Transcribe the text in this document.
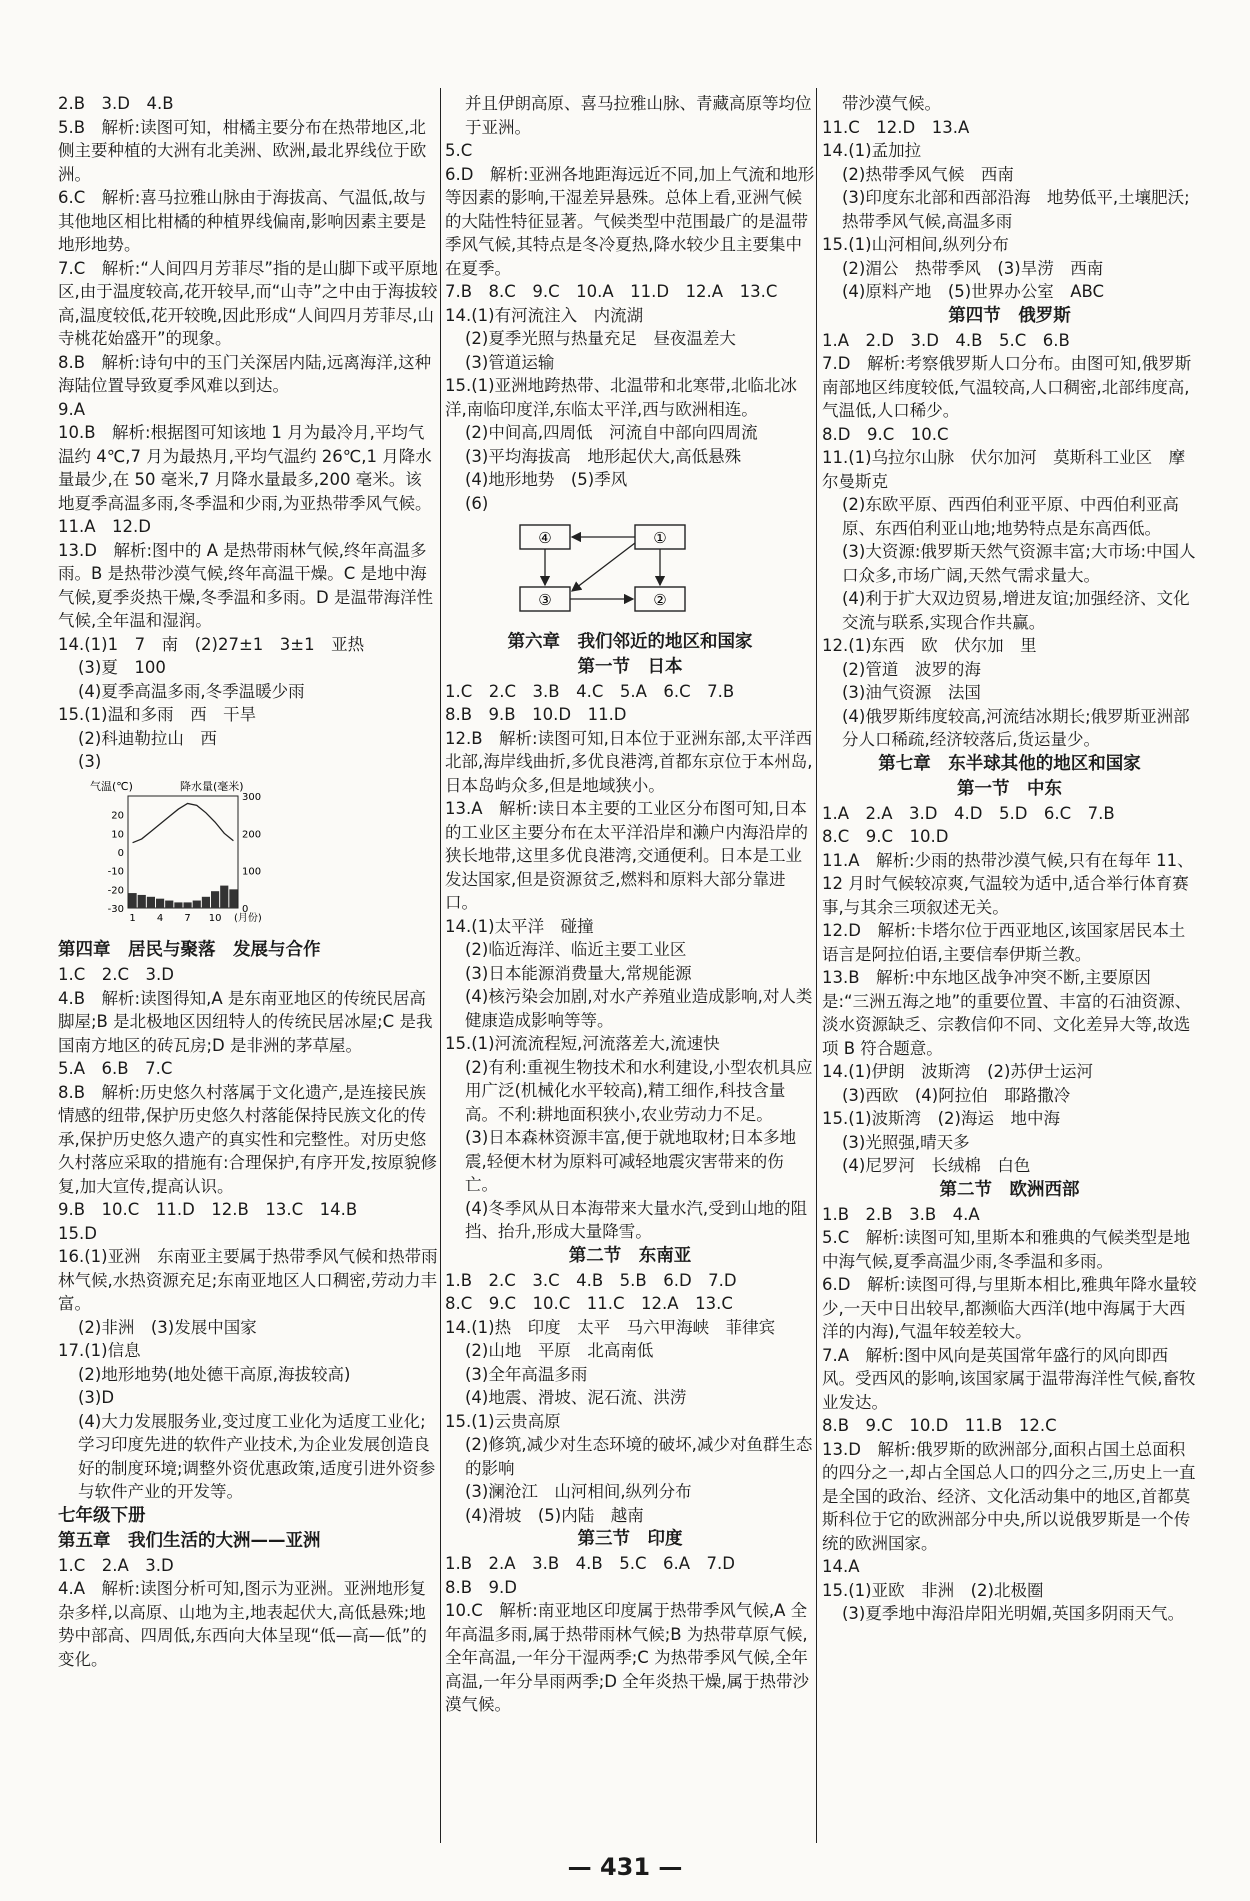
2.B　3.D　4.B

5.B　解析:读图可知，柑橘主要分布在热带地区,北侧主要种植的大洲有北美洲、欧洲,最北界线位于欧洲。

6.C　解析:喜马拉雅山脉由于海拔高、气温低,故与其他地区相比柑橘的种植界线偏南,影响因素主要是地形地势。

7.C　解析:“人间四月芳菲尽”指的是山脚下或平原地区,由于温度较高,花开较早,而“山寺”之中由于海拔较高,温度较低,花开较晚,因此形成“人间四月芳菲尽,山寺桃花始盛开”的现象。

8.B　解析:诗句中的玉门关深居内陆,远离海洋,这种海陆位置导致夏季风难以到达。

9.A

10.B　解析:根据图可知该地 1 月为最冷月,平均气温约 4℃,7 月为最热月,平均气温约 26℃,1 月降水量最少,在 50 毫米,7 月降水量最多,200 毫米。该地夏季高温多雨,冬季温和少雨,为亚热带季风气候。

11.A　12.D

13.D　解析:图中的 A 是热带雨林气候,终年高温多雨。B 是热带沙漠气候,终年高温干燥。C 是地中海气候,夏季炎热干燥,冬季温和多雨。D 是温带海洋性气候,全年温和湿润。

14.(1)1　7　南　(2)27±1　3±1　亚热

(3)夏　100

(4)夏季高温多雨,冬季温暖少雨

15.(1)温和多雨　西　干旱

(2)科迪勒拉山　西

(3)

气温(℃)	降水量(毫米)
20
10
0
-10
-20
-30
300
200
100
0
1 4 7 10 (月份)
第四章　居民与聚落　发展与合作

1.C　2.C　3.D

4.B　解析:读图得知,A 是东南亚地区的传统民居高脚屋;B 是北极地区因纽特人的传统民居冰屋;C 是我国南方地区的砖瓦房;D 是非洲的茅草屋。

5.A　6.B　7.C

8.B　解析:历史悠久村落属于文化遗产,是连接民族情感的纽带,保护历史悠久村落能保持民族文化的传承,保护历史悠久遗产的真实性和完整性。对历史悠久村落应采取的措施有:合理保护,有序开发,按原貌修复,加大宣传,提高认识。

9.B　10.C　11.D　12.B　13.C　14.B

15.D

16.(1)亚洲　东南亚主要属于热带季风气候和热带雨林气候,水热资源充足;东南亚地区人口稠密,劳动力丰富。

(2)非洲　(3)发展中国家

17.(1)信息

(2)地形地势(地处德干高原,海拔较高)

(3)D

(4)大力发展服务业,变过度工业化为适度工业化;学习印度先进的软件产业技术,为企业发展创造良好的制度环境;调整外资优惠政策,适度引进外资参与软件产业的开发等。

七年级下册
第五章　我们生活的大洲——亚洲

1.C　2.A　3.D

4.A　解析:读图分析可知,图示为亚洲。亚洲地形复杂多样,以高原、山地为主,地表起伏大,高低悬殊;地势中部高、四周低,东西向大体呈现“低—高—低”的变化。

并且伊朗高原、喜马拉雅山脉、青藏高原等均位于亚洲。

5.C

6.D　解析:亚洲各地距海远近不同,加上气流和地形等因素的影响,干湿差异悬殊。总体上看,亚洲气候的大陆性特征显著。气候类型中范围最广的是温带季风气候,其特点是冬冷夏热,降水较少且主要集中在夏季。

7.B　8.C　9.C　10.A　11.D　12.A　13.C

14.(1)有河流注入　内流湖

(2)夏季光照与热量充足　昼夜温差大

(3)管道运输

15.(1)亚洲地跨热带、北温带和北寒带,北临北冰洋,南临印度洋,东临太平洋,西与欧洲相连。

(2)中间高,四周低　河流自中部向四周流

(3)平均海拔高　地形起伏大,高低悬殊

(4)地形地势　(5)季风

(6)

④	①
③	②
第六章　我们邻近的地区和国家
第一节　日本

1.C　2.C　3.B　4.C　5.A　6.C　7.B

8.B　9.B　10.D　11.D

12.B　解析:读图可知,日本位于亚洲东部,太平洋西北部,海岸线曲折,多优良港湾,首都东京位于本州岛,日本岛屿众多,但是地域狭小。

13.A　解析:读日本主要的工业区分布图可知,日本的工业区主要分布在太平洋沿岸和濑户内海沿岸的狭长地带,这里多优良港湾,交通便利。日本是工业发达国家,但是资源贫乏,燃料和原料大部分靠进口。

14.(1)太平洋　碰撞

(2)临近海洋、临近主要工业区

(3)日本能源消费量大,常规能源

(4)核污染会加剧,对水产养殖业造成影响,对人类健康造成影响等等。

15.(1)河流流程短,河流落差大,流速快

(2)有利:重视生物技术和水利建设,小型农机具应用广泛(机械化水平较高),精工细作,科技含量高。不利:耕地面积狭小,农业劳动力不足。

(3)日本森林资源丰富,便于就地取材;日本多地震,轻便木材为原料可减轻地震灾害带来的伤亡。

(4)冬季风从日本海带来大量水汽,受到山地的阻挡、抬升,形成大量降雪。

第二节　东南亚

1.B　2.C　3.C　4.B　5.B　6.D　7.D

8.C　9.C　10.C　11.C　12.A　13.C

14.(1)热　印度　太平　马六甲海峡　菲律宾

(2)山地　平原　北高南低

(3)全年高温多雨

(4)地震、滑坡、泥石流、洪涝

15.(1)云贵高原

(2)修筑,减少对生态环境的破坏,减少对鱼群生态的影响

(3)澜沧江　山河相间,纵列分布

(4)滑坡　(5)内陆　越南

第三节　印度

1.B　2.A　3.B　4.B　5.C　6.A　7.D

8.B　9.D

10.C　解析:南亚地区印度属于热带季风气候,A 全年高温多雨,属于热带雨林气候;B 为热带草原气候,全年高温,一年分干湿两季;C 为热带季风气候,全年高温,一年分旱雨两季;D 全年炎热干燥,属于热带沙漠气候。

带沙漠气候。

11.C　12.D　13.A

14.(1)孟加拉

(2)热带季风气候　西南

(3)印度东北部和西部沿海　地势低平,土壤肥沃;热带季风气候,高温多雨

15.(1)山河相间,纵列分布

(2)湄公　热带季风　(3)旱涝　西南

(4)原料产地　(5)世界办公室　ABC

第四节　俄罗斯

1.A　2.D　3.D　4.B　5.C　6.B

7.D　解析:考察俄罗斯人口分布。由图可知,俄罗斯南部地区纬度较低,气温较高,人口稠密,北部纬度高,气温低,人口稀少。

8.D　9.C　10.C

11.(1)乌拉尔山脉　伏尔加河　莫斯科工业区　摩尔曼斯克

(2)东欧平原、西西伯利亚平原、中西伯利亚高原、东西伯利亚山地;地势特点是东高西低。

(3)大资源:俄罗斯天然气资源丰富;大市场:中国人口众多,市场广阔,天然气需求量大。

(4)利于扩大双边贸易,增进友谊;加强经济、文化交流与联系,实现合作共赢。

12.(1)东西　欧　伏尔加　里

(2)管道　波罗的海

(3)油气资源　法国

(4)俄罗斯纬度较高,河流结冰期长;俄罗斯亚洲部分人口稀疏,经济较落后,货运量少。

第七章　东半球其他的地区和国家
第一节　中东

1.A　2.A　3.D　4.D　5.D　6.C　7.B

8.C　9.C　10.D

11.A　解析:少雨的热带沙漠气候,只有在每年 11、12 月时气候较凉爽,气温较为适中,适合举行体育赛事,与其余三项叙述无关。

12.D　解析:卡塔尔位于西亚地区,该国家居民本土语言是阿拉伯语,主要信奉伊斯兰教。

13.B　解析:中东地区战争冲突不断,主要原因是:“三洲五海之地”的重要位置、丰富的石油资源、淡水资源缺乏、宗教信仰不同、文化差异大等,故选项 B 符合题意。

14.(1)伊朗　波斯湾　(2)苏伊士运河

(3)西欧　(4)阿拉伯　耶路撒冷

15.(1)波斯湾　(2)海运　地中海

(3)光照强,晴天多

(4)尼罗河　长绒棉　白色

第二节　欧洲西部

1.B　2.B　3.B　4.A

5.C　解析:读图可知,里斯本和雅典的气候类型是地中海气候,夏季高温少雨,冬季温和多雨。

6.D　解析:读图可得,与里斯本相比,雅典年降水量较少,一天中日出较早,都濒临大西洋(地中海属于大西洋的内海),气温年较差较大。

7.A　解析:图中风向是英国常年盛行的风向即西风。受西风的影响,该国家属于温带海洋性气候,畜牧业发达。

8.B　9.C　10.D　11.B　12.C

13.D　解析:俄罗斯的欧洲部分,面积占国土总面积的四分之一,却占全国总人口的四分之三,历史上一直是全国的政治、经济、文化活动集中的地区,首都莫斯科位于它的欧洲部分中央,所以说俄罗斯是一个传统的欧洲国家。

14.A

15.(1)亚欧　非洲　(2)北极圈

(3)夏季地中海沿岸阳光明媚,英国多阴雨天气。

— 431 —
